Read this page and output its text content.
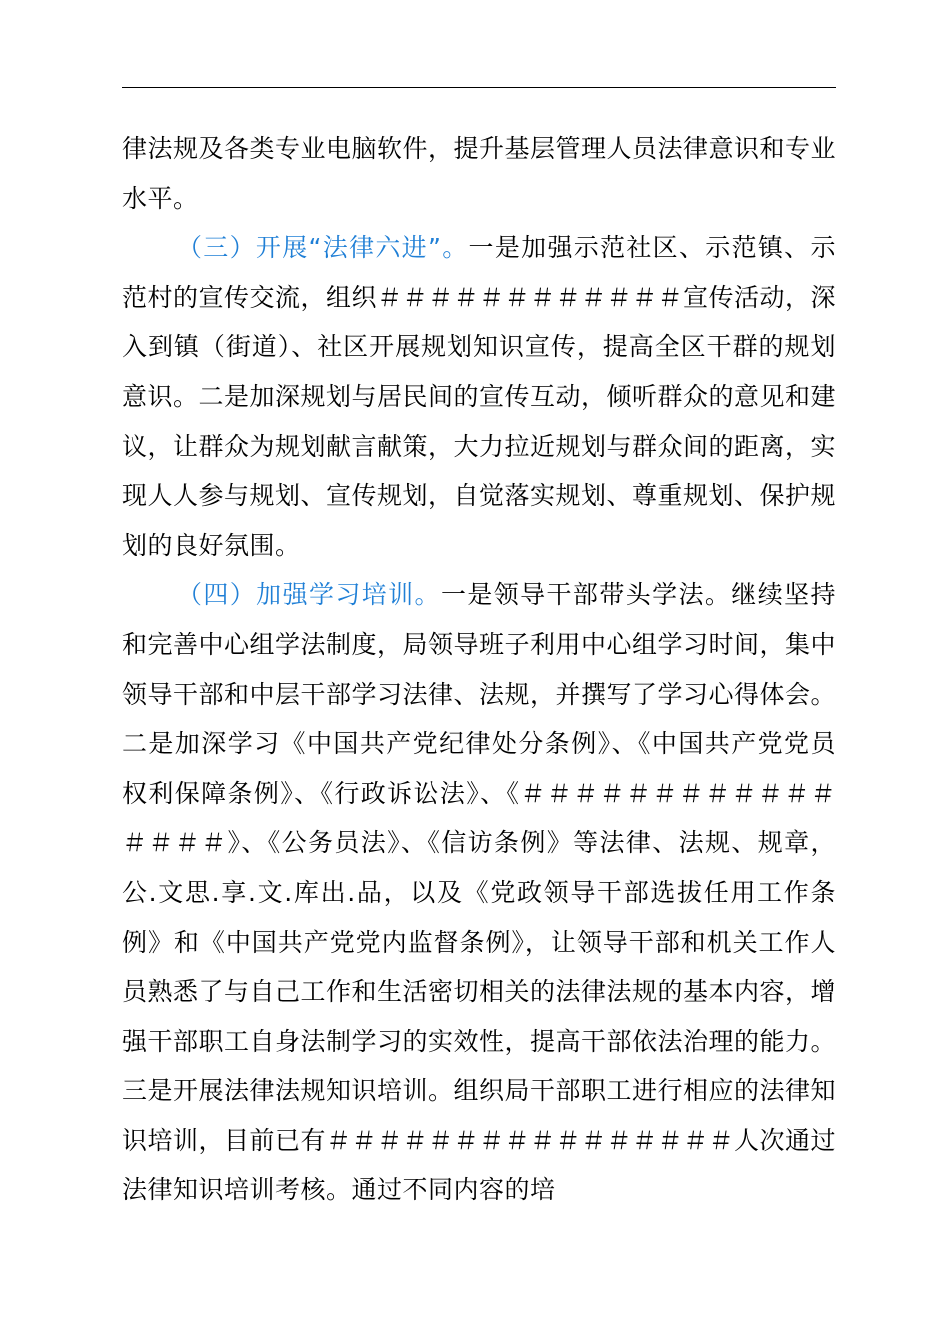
律法规及各类专业电脑软件，提升基层管理人员法律意识和专业水平。

（三）开展“法律六进”。一是加强示范社区、示范镇、示范村的宣传交流，组织＃＃＃＃＃＃＃＃＃＃＃＃宣传活动，深入到镇（街道）、社区开展规划知识宣传，提高全区干群的规划意识。二是加深规划与居民间的宣传互动，倾听群众的意见和建议，让群众为规划献言献策，大力拉近规划与群众间的距离，实现人人参与规划、宣传规划，自觉落实规划、尊重规划、保护规划的良好氛围。

（四）加强学习培训。一是领导干部带头学法。继续坚持和完善中心组学法制度，局领导班子利用中心组学习时间，集中领导干部和中层干部学习法律、法规，并撰写了学习心得体会。二是加深学习《中国共产党纪律处分条例》、《中国共产党党员权利保障条例》、《行政诉讼法》、《＃＃＃＃＃＃＃＃＃＃＃＃＃＃＃＃》、《公务员法》、《信访条例》等法律、法规、规章，公.文思.享.文.库出.品，以及《党政领导干部选拔任用工作条例》和《中国共产党党内监督条例》，让领导干部和机关工作人员熟悉了与自己工作和生活密切相关的法律法规的基本内容，增强干部职工自身法制学习的实效性，提高干部依法治理的能力。三是开展法律法规知识培训。组织局干部职工进行相应的法律知识培训，目前已有＃＃＃＃＃＃＃＃＃＃＃＃＃＃＃＃人次通过法律知识培训考核。通过不同内容的培
